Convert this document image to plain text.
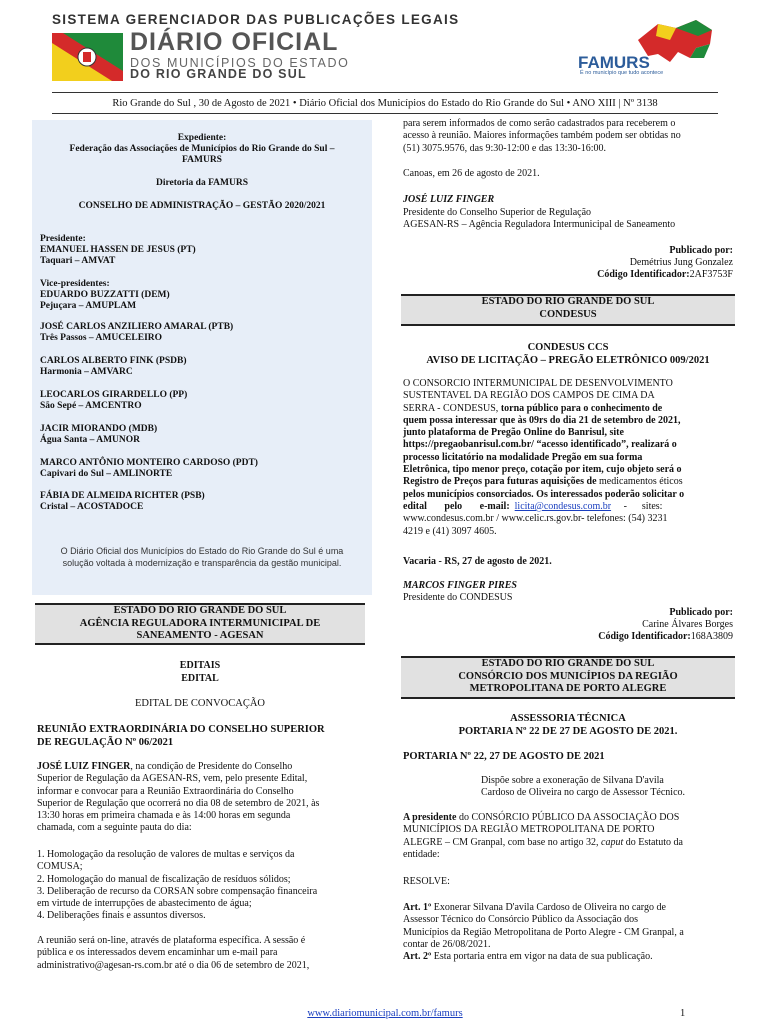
SISTEMA GERENCIADOR DAS PUBLICAÇÕES LEGAIS
DIÁRIO OFICIAL
DOS MUNICÍPIOS DO ESTADO
DO RIO GRANDE DO SUL
FAMURS
É no município que tudo acontece
Rio Grande do Sul , 30 de Agosto de 2021 • Diário Oficial dos Municípios do Estado do Rio Grande do Sul • ANO XIII | Nº 3138
Expediente:
Federação das Associações de Municípios do Rio Grande do Sul –
FAMURS
Diretoria da FAMURS
CONSELHO DE ADMINISTRAÇÃO – GESTÃO 2020/2021
Presidente:
EMANUEL HASSEN DE JESUS (PT)
Taquari – AMVAT
Vice-presidentes:
EDUARDO BUZZATTI (DEM)
Pejuçara – AMUPLAM
JOSÉ CARLOS ANZILIERO AMARAL (PTB)
Três Passos – AMUCELEIRO
CARLOS ALBERTO FINK (PSDB)
Harmonia – AMVARC
LEOCARLOS GIRARDELLO (PP)
São Sepé – AMCENTRO
JACIR MIORANDO (MDB)
Água Santa – AMUNOR
MARCO ANTÔNIO MONTEIRO CARDOSO (PDT)
Capivari do Sul – AMLINORTE
FÁBIA DE ALMEIDA RICHTER (PSB)
Cristal – ACOSTADOCE
O Diário Oficial dos Municípios do Estado do Rio Grande do Sul é uma
solução voltada à modernização e transparência da gestão municipal.
ESTADO DO RIO GRANDE DO SUL
AGÊNCIA REGULADORA INTERMUNICIPAL DE
SANEAMENTO - AGESAN
EDITAIS
EDITAL
EDITAL DE CONVOCAÇÃO
REUNIÃO EXTRAORDINÁRIA DO CONSELHO SUPERIOR
DE REGULAÇÃO Nº 06/2021
JOSÉ LUIZ FINGER, na condição de Presidente do Conselho
Superior de Regulação da AGESAN-RS, vem, pelo presente Edital,
informar e convocar para a Reunião Extraordinária do Conselho
Superior de Regulação que ocorrerá no dia 08 de setembro de 2021, às
13:30 horas em primeira chamada e às 14:00 horas em segunda
chamada, com a seguinte pauta do dia:
1. Homologação da resolução de valores de multas e serviços da
COMUSA;
2. Homologação do manual de fiscalização de resíduos sólidos;
3. Deliberação de recurso da CORSAN sobre compensação financeira
em virtude de interrupções de abastecimento de água;
4. Deliberações finais e assuntos diversos.
A reunião será on-line, através de plataforma específica. A sessão é
pública e os interessados devem encaminhar um e-mail para
administrativo@agesan-rs.com.br até o dia 06 de setembro de 2021,
para serem informados de como serão cadastrados para receberem o
acesso à reunião. Maiores informações também podem ser obtidas no
(51) 3075.9576, das 9:30-12:00 e das 13:30-16:00.
Canoas, em 26 de agosto de 2021.
JOSÉ LUIZ FINGER
Presidente do Conselho Superior de Regulação
AGESAN-RS – Agência Reguladora Intermunicipal de Saneamento
Publicado por:
Demétrius Jung Gonzalez
Código Identificador:2AF3753F
ESTADO DO RIO GRANDE DO SUL
CONDESUS
CONDESUS CCS
AVISO DE LICITAÇÃO – PREGÃO ELETRÔNICO 009/2021
O CONSORCIO INTERMUNICIPAL DE DESENVOLVIMENTO
SUSTENTAVEL DA REGIÃO DOS CAMPOS DE CIMA DA
SERRA - CONDESUS, torna público para o conhecimento de
quem possa interessar que às 09rs do dia 21 de setembro de 2021,
junto plataforma de Pregão Online do Banrisul, site
https://pregaobanrisul.com.br/ “acesso identificado”, realizará o
processo licitatório na modalidade Pregão em sua forma
Eletrônica, tipo menor preço, cotação por item, cujo objeto será o
Registro de Preços para futuras aquisições de medicamentos éticos
pelos municípios consorciados. Os interessados poderão solicitar o
edital       pelo       e-mail:  licita@condesus.com.br     -      sites:
www.condesus.com.br / www.celic.rs.gov.br- telefones: (54) 3231
4219 e (41) 3097 4605.
Vacaria - RS, 27 de agosto de 2021.
MARCOS FINGER PIRES
Presidente do CONDESUS
Publicado por:
Carine Álvares Borges
Código Identificador:168A3809
ESTADO DO RIO GRANDE DO SUL
CONSÓRCIO DOS MUNICÍPIOS DA REGIÃO
METROPOLITANA DE PORTO ALEGRE
ASSESSORIA TÉCNICA
PORTARIA Nº 22 DE 27 DE AGOSTO DE 2021.
PORTARIA Nº 22, 27 DE AGOSTO DE 2021
Dispõe sobre a exoneração de Silvana D'avila
Cardoso de Oliveira no cargo de Assessor Técnico.
A presidente do CONSÓRCIO PÚBLICO DA ASSOCIAÇÃO DOS
MUNICÍPIOS DA REGIÃO METROPOLITANA DE PORTO
ALEGRE – CM Granpal, com base no artigo 32, caput do Estatuto da
entidade:
RESOLVE:
Art. 1º Exonerar Silvana D'avila Cardoso de Oliveira no cargo de
Assessor Técnico do Consórcio Público da Associação dos
Municípios da Região Metropolitana de Porto Alegre - CM Granpal, a
contar de 26/08/2021.
Art. 2º Esta portaria entra em vigor na data de sua publicação.
www.diariomunicipal.com.br/famurs	1
